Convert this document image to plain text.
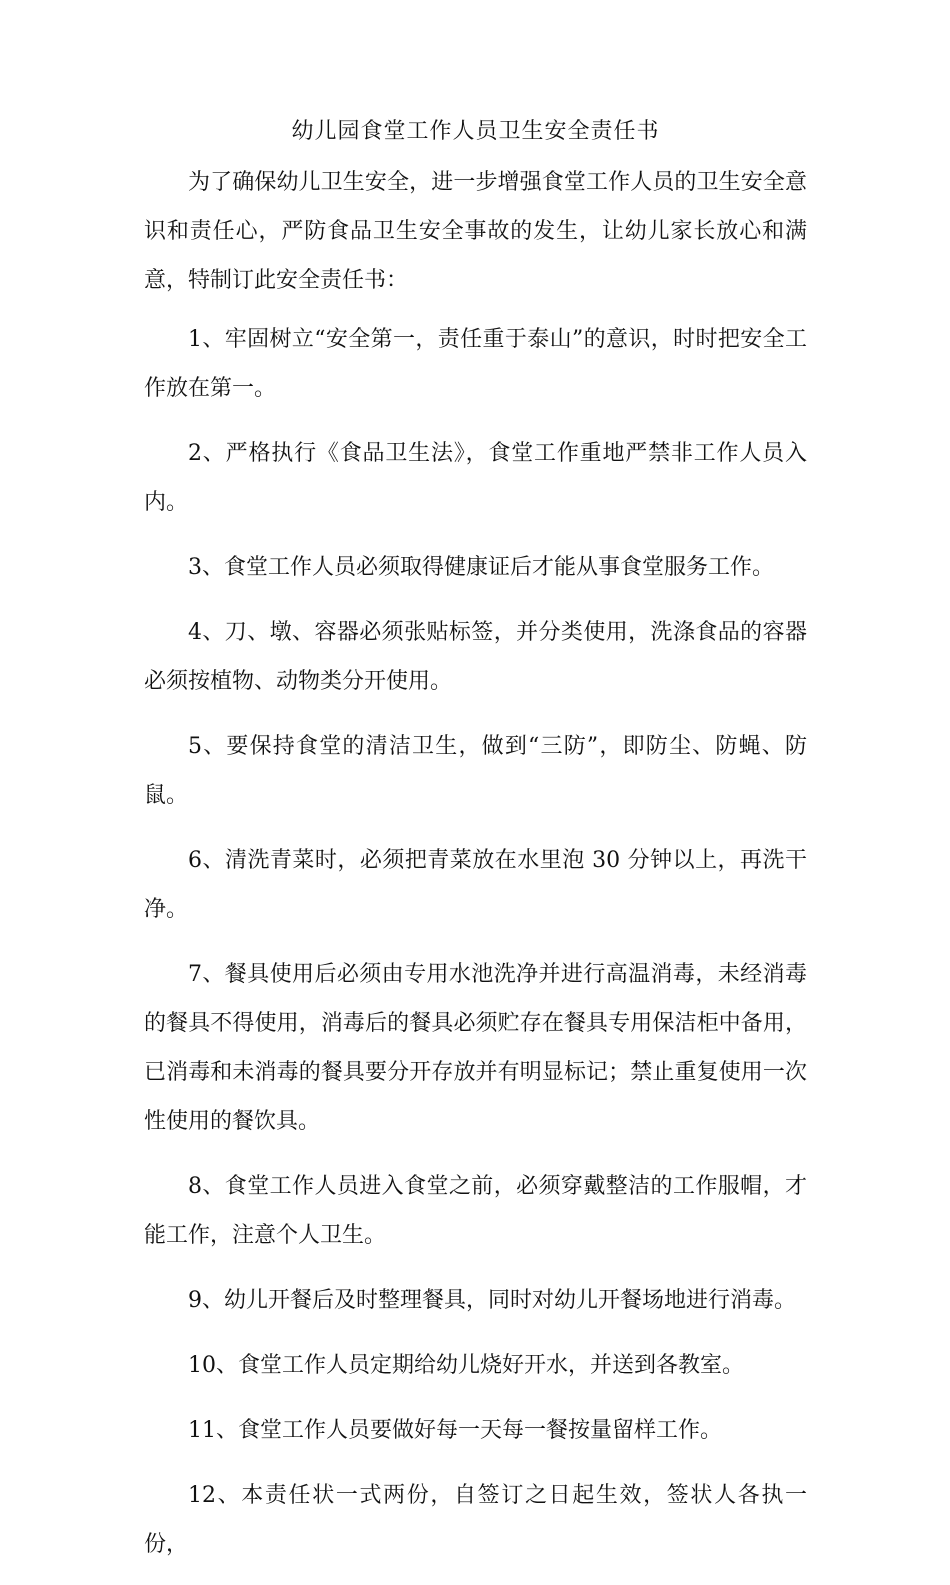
幼儿园食堂工作人员卫生安全责任书

为了确保幼儿卫生安全，进一步增强食堂工作人员的卫生安全意识和责任心，严防食品卫生安全事故的发生，让幼儿家长放心和满意，特制订此安全责任书：

1、牢固树立“安全第一，责任重于泰山”的意识，时时把安全工作放在第一。

2、严格执行《食品卫生法》，食堂工作重地严禁非工作人员入内。

3、食堂工作人员必须取得健康证后才能从事食堂服务工作。

4、刀、墩、容器必须张贴标签，并分类使用，洗涤食品的容器必须按植物、动物类分开使用。

5、要保持食堂的清洁卫生，做到“三防”，即防尘、防蝇、防鼠。

6、清洗青菜时，必须把青菜放在水里泡 30 分钟以上，再洗干净。

7、餐具使用后必须由专用水池洗净并进行高温消毒，未经消毒的餐具不得使用，消毒后的餐具必须贮存在餐具专用保洁柜中备用，已消毒和未消毒的餐具要分开存放并有明显标记；禁止重复使用一次性使用的餐饮具。

8、食堂工作人员进入食堂之前，必须穿戴整洁的工作服帽，才能工作，注意个人卫生。

9、幼儿开餐后及时整理餐具，同时对幼儿开餐场地进行消毒。

10、食堂工作人员定期给幼儿烧好开水，并送到各教室。

11、食堂工作人员要做好每一天每一餐按量留样工作。

12、本责任状一式两份，自签订之日起生效，签状人各执一份，
